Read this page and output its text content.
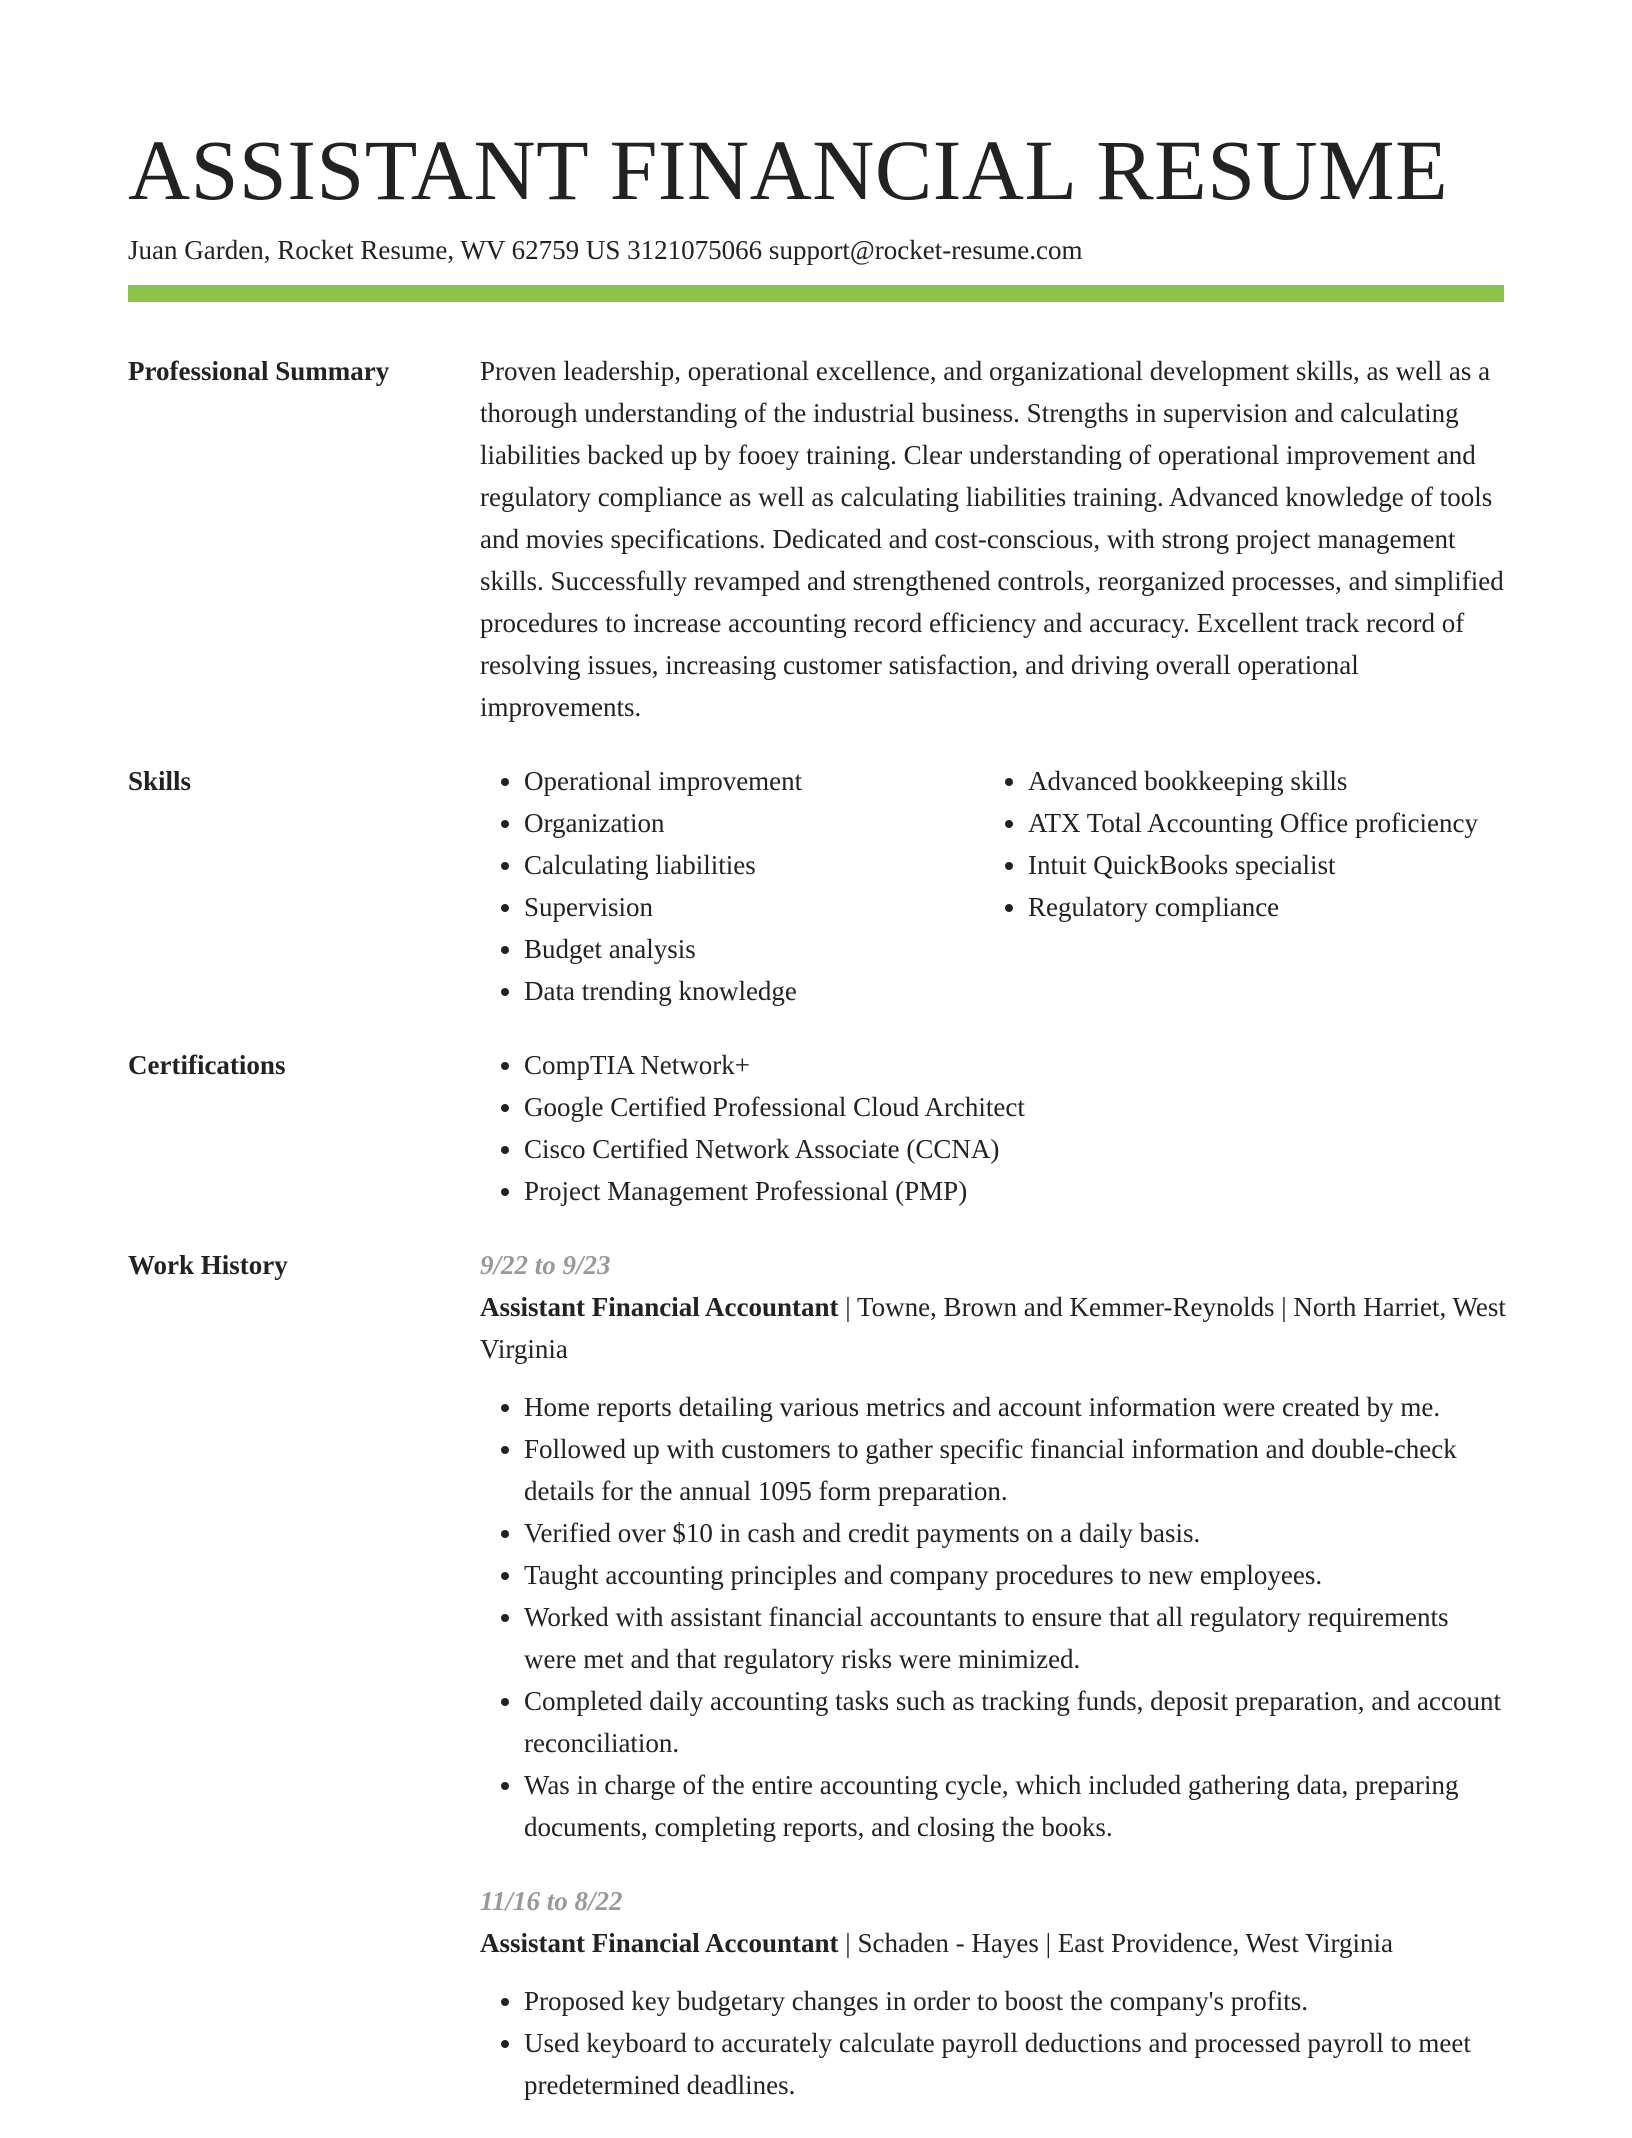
ASSISTANT FINANCIAL RESUME
Juan Garden, Rocket Resume, WV 62759 US 3121075066 support@rocket-resume.com
Professional Summary	Proven leadership, operational excellence, and organizational development skills, as well as a thorough understanding of the industrial business. Strengths in supervision and calculating liabilities backed up by fooey training. Clear understanding of operational improvement and regulatory compliance as well as calculating liabilities training. Advanced knowledge of tools and movies specifications. Dedicated and cost-conscious, with strong project management skills. Successfully revamped and strengthened controls, reorganized processes, and simplified procedures to increase accounting record efficiency and accuracy. Excellent track record of resolving issues, increasing customer satisfaction, and driving overall operational improvements.

Skills	• Operational improvement
• Organization
• Calculating liabilities
• Supervision
• Budget analysis
• Data trending knowledge
• Advanced bookkeeping skills
• ATX Total Accounting Office proficiency
• Intuit QuickBooks specialist
• Regulatory compliance
Certifications	• CompTIA Network+
• Google Certified Professional Cloud Architect
• Cisco Certified Network Associate (CCNA)
• Project Management Professional (PMP)
Work History	9/22 to 9/23
Assistant Financial Accountant | Towne, Brown and Kemmer-Reynolds | North Harriet, West Virginia
• Home reports detailing various metrics and account information were created by me.
• Followed up with customers to gather specific financial information and double-check details for the annual 1095 form preparation.
• Verified over $10 in cash and credit payments on a daily basis.
• Taught accounting principles and company procedures to new employees.
• Worked with assistant financial accountants to ensure that all regulatory requirements were met and that regulatory risks were minimized.
• Completed daily accounting tasks such as tracking funds, deposit preparation, and account reconciliation.
• Was in charge of the entire accounting cycle, which included gathering data, preparing documents, completing reports, and closing the books.
11/16 to 8/22
Assistant Financial Accountant | Schaden - Hayes | East Providence, West Virginia
• Proposed key budgetary changes in order to boost the company's profits.
• Used keyboard to accurately calculate payroll deductions and processed payroll to meet predetermined deadlines.
